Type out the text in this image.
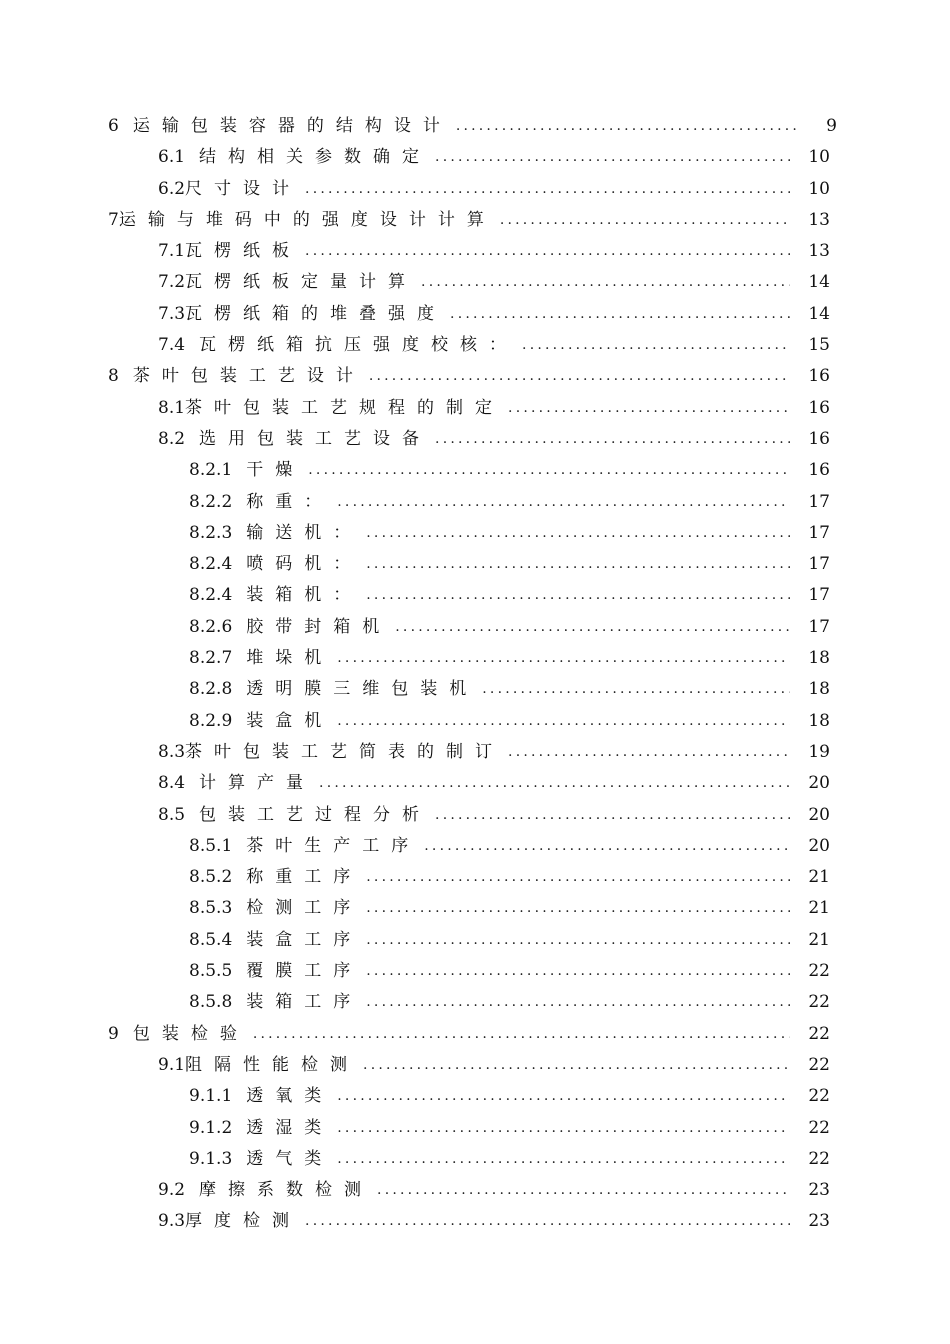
6 运输包装容器的结构设计 .....	9
6.1 结构相关参数确定 .....	10
6.2 尺寸设计 .....	10
7 运输与堆码中的强度设计计算 .....	13
7.1 瓦楞纸板 .....	13
7.2 瓦楞纸板定量计算 .....	14
7.3 瓦楞纸箱的堆叠强度 .....	14
7.4 瓦楞纸箱抗压强度校核： .....	15
8 茶叶包装工艺设计 .....	16
8.1 茶叶包装工艺规程的制定 .....	16
8.2 选用包装工艺设备 .....	16
8.2.1 干燥 .....	16
8.2.2 称重： .....	17
8.2.3 输送机： .....	17
8.2.4 喷码机： .....	17
8.2.4 装箱机： .....	17
8.2.6 胶带封箱机 .....	17
8.2.7 堆垛机 .....	18
8.2.8 透明膜三维包装机 .....	18
8.2.9 装盒机 .....	18
8.3 茶叶包装工艺简表的制订 .....	19
8.4 计算产量 .....	20
8.5 包装工艺过程分析 .....	20
8.5.1 茶叶生产工序 .....	20
8.5.2 称重工序 .....	21
8.5.3 检测工序 .....	21
8.5.4 装盒工序 .....	21
8.5.5 覆膜工序 .....	22
8.5.8 装箱工序 .....	22
9 包装检验 .....	22
9.1 阻隔性能检测 .....	22
9.1.1 透氧类 .....	22
9.1.2 透湿类 .....	22
9.1.3 透气类 .....	22
9.2 摩擦系数检测 .....	23
9.3 厚度检测 .....	23
